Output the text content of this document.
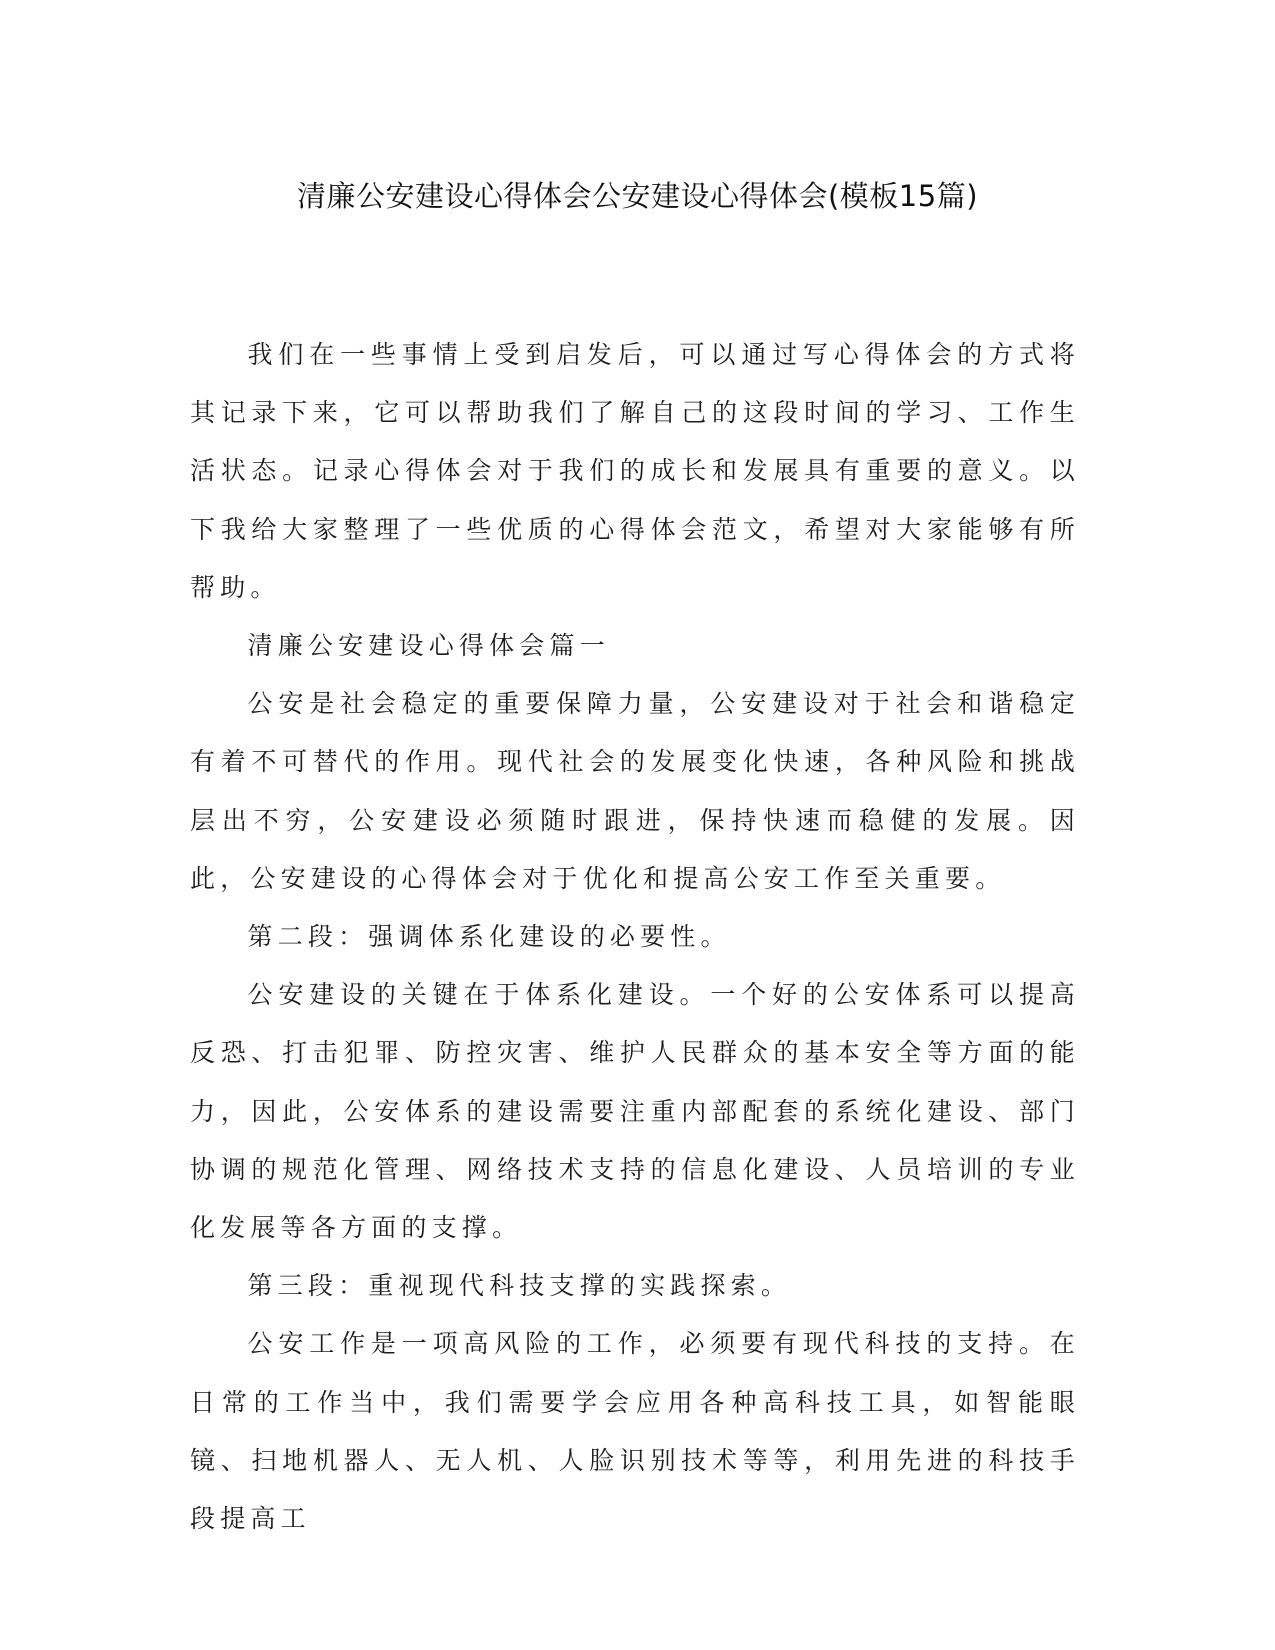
清廉公安建设心得体会公安建设心得体会(模板15篇)

我们在一些事情上受到启发后，可以通过写心得体会的方式将其记录下来，它可以帮助我们了解自己的这段时间的学习、工作生活状态。记录心得体会对于我们的成长和发展具有重要的意义。以下我给大家整理了一些优质的心得体会范文，希望对大家能够有所帮助。

清廉公安建设心得体会篇一

公安是社会稳定的重要保障力量，公安建设对于社会和谐稳定有着不可替代的作用。现代社会的发展变化快速，各种风险和挑战层出不穷，公安建设必须随时跟进，保持快速而稳健的发展。因此，公安建设的心得体会对于优化和提高公安工作至关重要。

第二段：强调体系化建设的必要性。

公安建设的关键在于体系化建设。一个好的公安体系可以提高反恐、打击犯罪、防控灾害、维护人民群众的基本安全等方面的能力，因此，公安体系的建设需要注重内部配套的系统化建设、部门协调的规范化管理、网络技术支持的信息化建设、人员培训的专业化发展等各方面的支撑。

第三段：重视现代科技支撑的实践探索。

公安工作是一项高风险的工作，必须要有现代科技的支持。在日常的工作当中，我们需要学会应用各种高科技工具，如智能眼镜、扫地机器人、无人机、人脸识别技术等等，利用先进的科技手段提高工
